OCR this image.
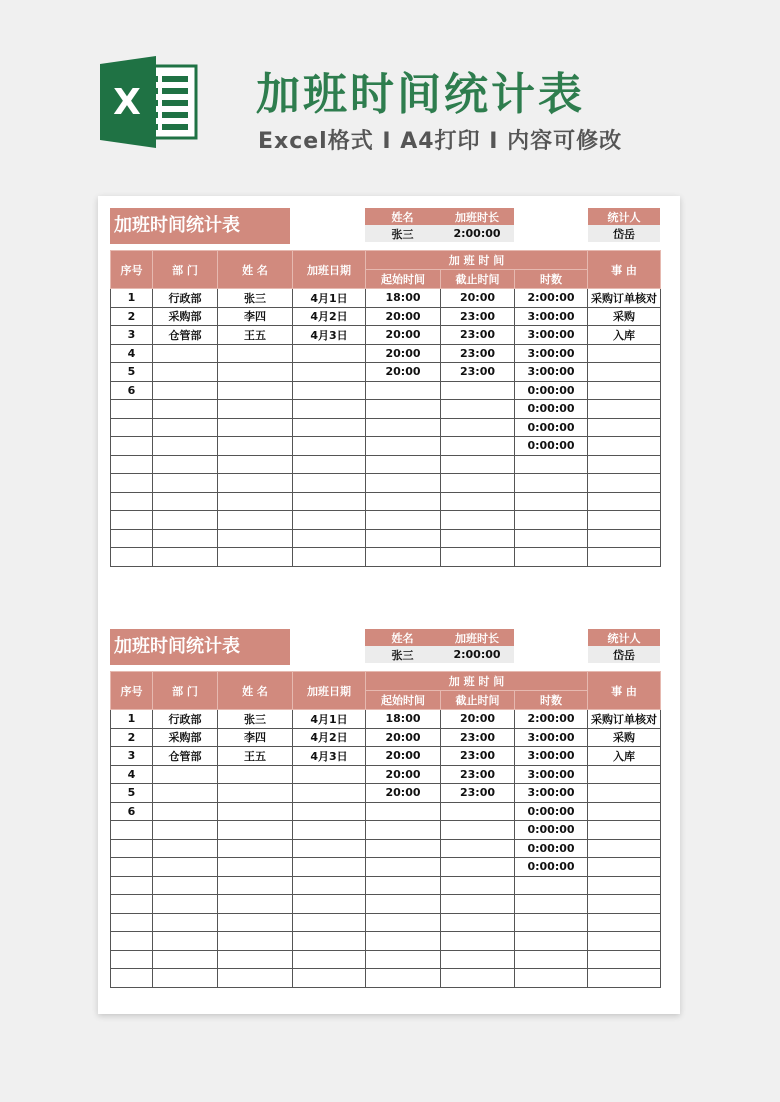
X	加班时间统计表
Excel格式 I A4打印 I 内容可修改
加班时间统计表	姓名	加班时长
张三	2:00:00
统计人
岱岳
序号	部 门	姓 名	加班日期	加 班 时 间			事 由
				起始时间	截止时间	时数	
1	行政部	张三	4月1日	18:00	20:00	2:00:00	采购订单核对
2	采购部	李四	4月2日	20:00	23:00	3:00:00	采购
3	仓管部	王五	4月3日	20:00	23:00	3:00:00	入库
4				20:00	23:00	3:00:00	
5				20:00	23:00	3:00:00	
6						0:00:00	
						0:00:00	
						0:00:00	
						0:00:00	

加班时间统计表	姓名	加班时长
张三	2:00:00
统计人
岱岳
序号	部 门	姓 名	加班日期	加 班 时 间			事 由
				起始时间	截止时间	时数	
1	行政部	张三	4月1日	18:00	20:00	2:00:00	采购订单核对
2	采购部	李四	4月2日	20:00	23:00	3:00:00	采购
3	仓管部	王五	4月3日	20:00	23:00	3:00:00	入库
4				20:00	23:00	3:00:00	
5				20:00	23:00	3:00:00	
6						0:00:00	
						0:00:00	
						0:00:00	
						0:00:00	
